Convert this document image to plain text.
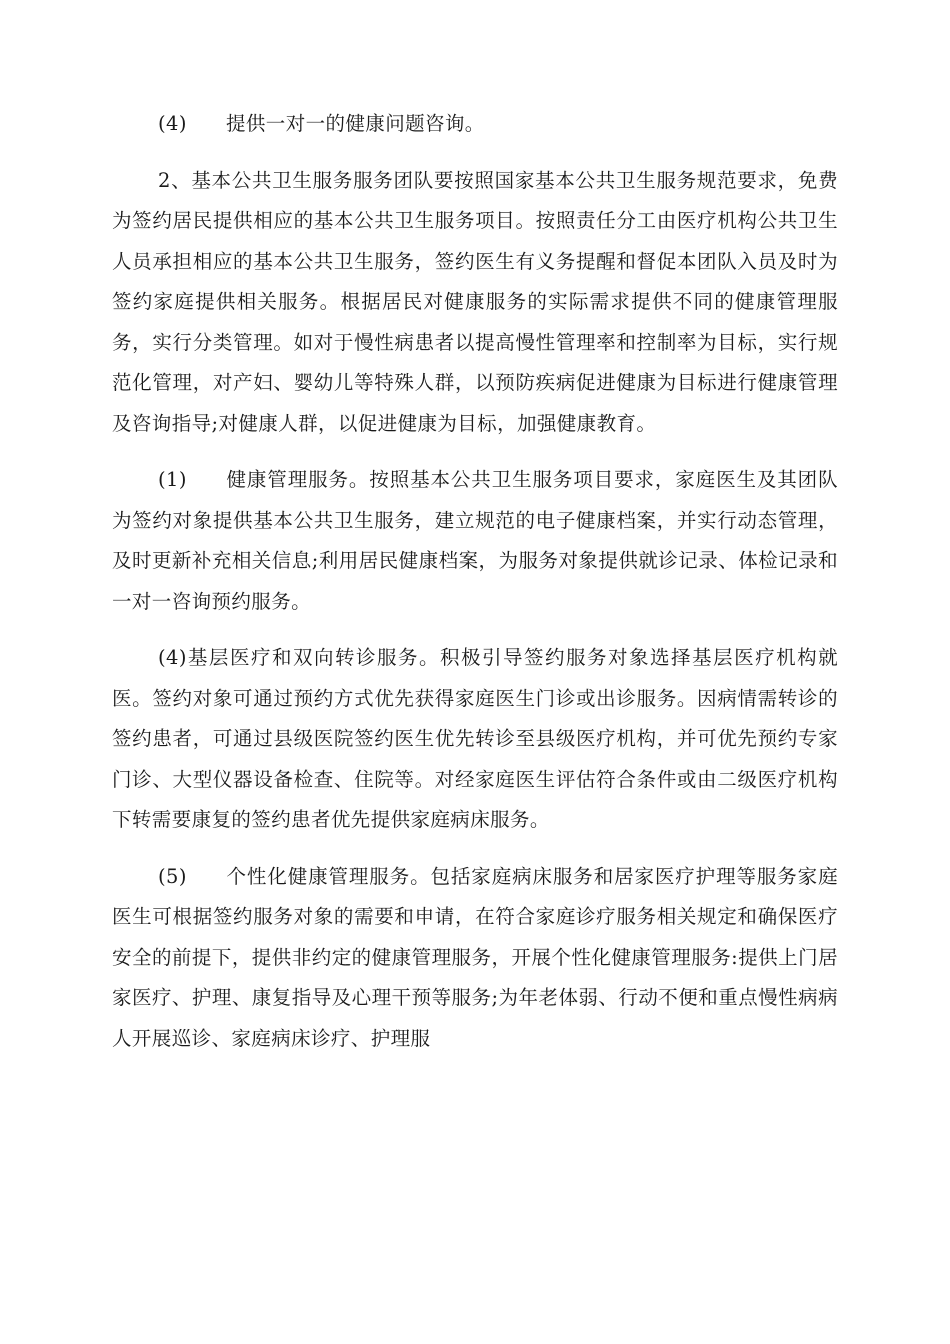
(4) 提供一对一的健康问题咨询。

2、基本公共卫生服务服务团队要按照国家基本公共卫生服务规范要求，免费为签约居民提供相应的基本公共卫生服务项目。按照责任分工由医疗机构公共卫生人员承担相应的基本公共卫生服务，签约医生有义务提醒和督促本团队入员及时为签约家庭提供相关服务。根据居民对健康服务的实际需求提供不同的健康管理服务，实行分类管理。如对于慢性病患者以提高慢性管理率和控制率为目标，实行规范化管理，对产妇、婴幼儿等特殊人群，以预防疾病促进健康为目标进行健康管理及咨询指导;对健康人群，以促进健康为目标，加强健康教育。

(1) 健康管理服务。按照基本公共卫生服务项目要求，家庭医生及其团队为签约对象提供基本公共卫生服务，建立规范的电子健康档案，并实行动态管理，及时更新补充相关信息;利用居民健康档案，为服务对象提供就诊记录、体检记录和一对一咨询预约服务。

(4)基层医疗和双向转诊服务。积极引导签约服务对象选择基层医疗机构就医。签约对象可通过预约方式优先获得家庭医生门诊或出诊服务。因病情需转诊的签约患者，可通过县级医院签约医生优先转诊至县级医疗机构，并可优先预约专家门诊、大型仪器设备检查、住院等。对经家庭医生评估符合条件或由二级医疗机构下转需要康复的签约患者优先提供家庭病床服务。

(5) 个性化健康管理服务。包括家庭病床服务和居家医疗护理等服务家庭医生可根据签约服务对象的需要和申请，在符合家庭诊疗服务相关规定和确保医疗安全的前提下，提供非约定的健康管理服务，开展个性化健康管理服务:提供上门居家医疗、护理、康复指导及心理干预等服务;为年老体弱、行动不便和重点慢性病病人开展巡诊、家庭病床诊疗、护理服
